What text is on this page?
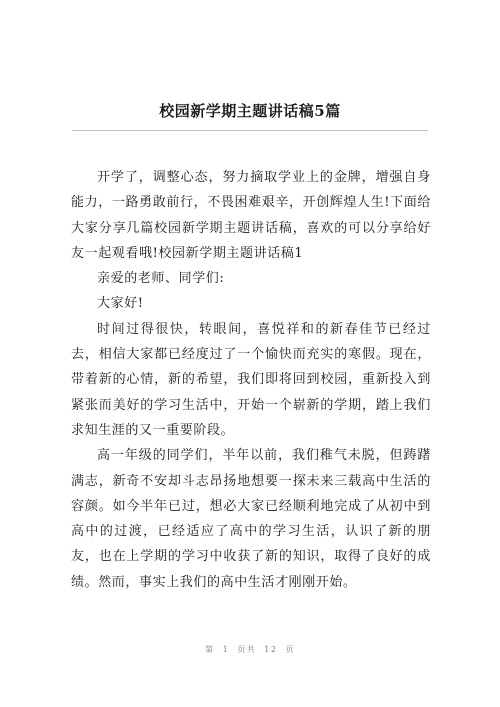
校园新学期主题讲话稿5篇

开学了，调整心态，努力摘取学业上的金牌，增强自身能力，一路勇敢前行，不畏困难艰辛，开创辉煌人生!下面给大家分享几篇校园新学期主题讲话稿，喜欢的可以分享给好友一起观看哦!校园新学期主题讲话稿1

亲爱的老师、同学们:

大家好!

时间过得很快，转眼间，喜悦祥和的新春佳节已经过去，相信大家都已经度过了一个愉快而充实的寒假。现在，带着新的心情，新的希望，我们即将回到校园，重新投入到紧张而美好的学习生活中，开始一个崭新的学期，踏上我们求知生涯的又一重要阶段。

高一年级的同学们，半年以前，我们稚气未脱，但踌躇满志，新奇不安却斗志昂扬地想要一探未来三载高中生活的容颜。如今半年已过，想必大家已经顺利地完成了从初中到高中的过渡，已经适应了高中的学习生活，认识了新的朋友，也在上学期的学习中收获了新的知识，取得了良好的成绩。然而，事实上我们的高中生活才刚刚开始。

第 1 页共 12 页
